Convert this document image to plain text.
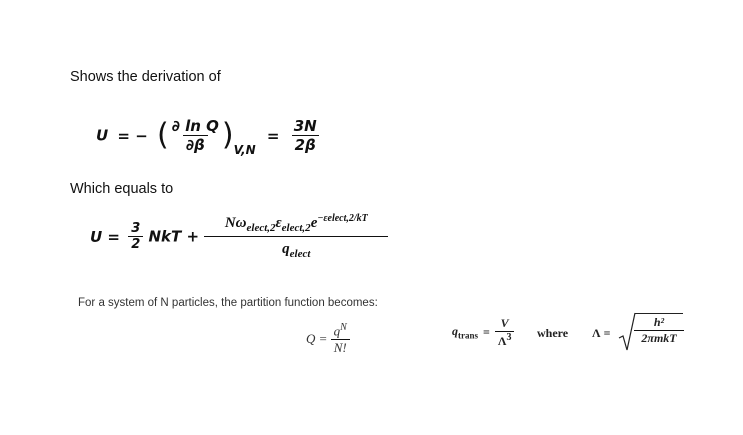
Shows the derivation of
U = − ( $\frac{\text{∂ ln Q}}{\partial\beta} )_{V,N} = \frac{3N}{2\beta}$
Which equals to
$U = \frac{3}{2}$ NkT + $\frac{N\omega_{elect,2}\varepsilon_{elect,2}e^{-\varepsilon elect,2/kT}}{q_{elect}}$
For a system of N particles, the partition function becomes:
$Q = \frac{q^N}{N!}$	$q_{trans} = \frac{V}{\Lambda^3}$ where $\Lambda = \frac{\text{h²}}{\text{2πmkT}}$
